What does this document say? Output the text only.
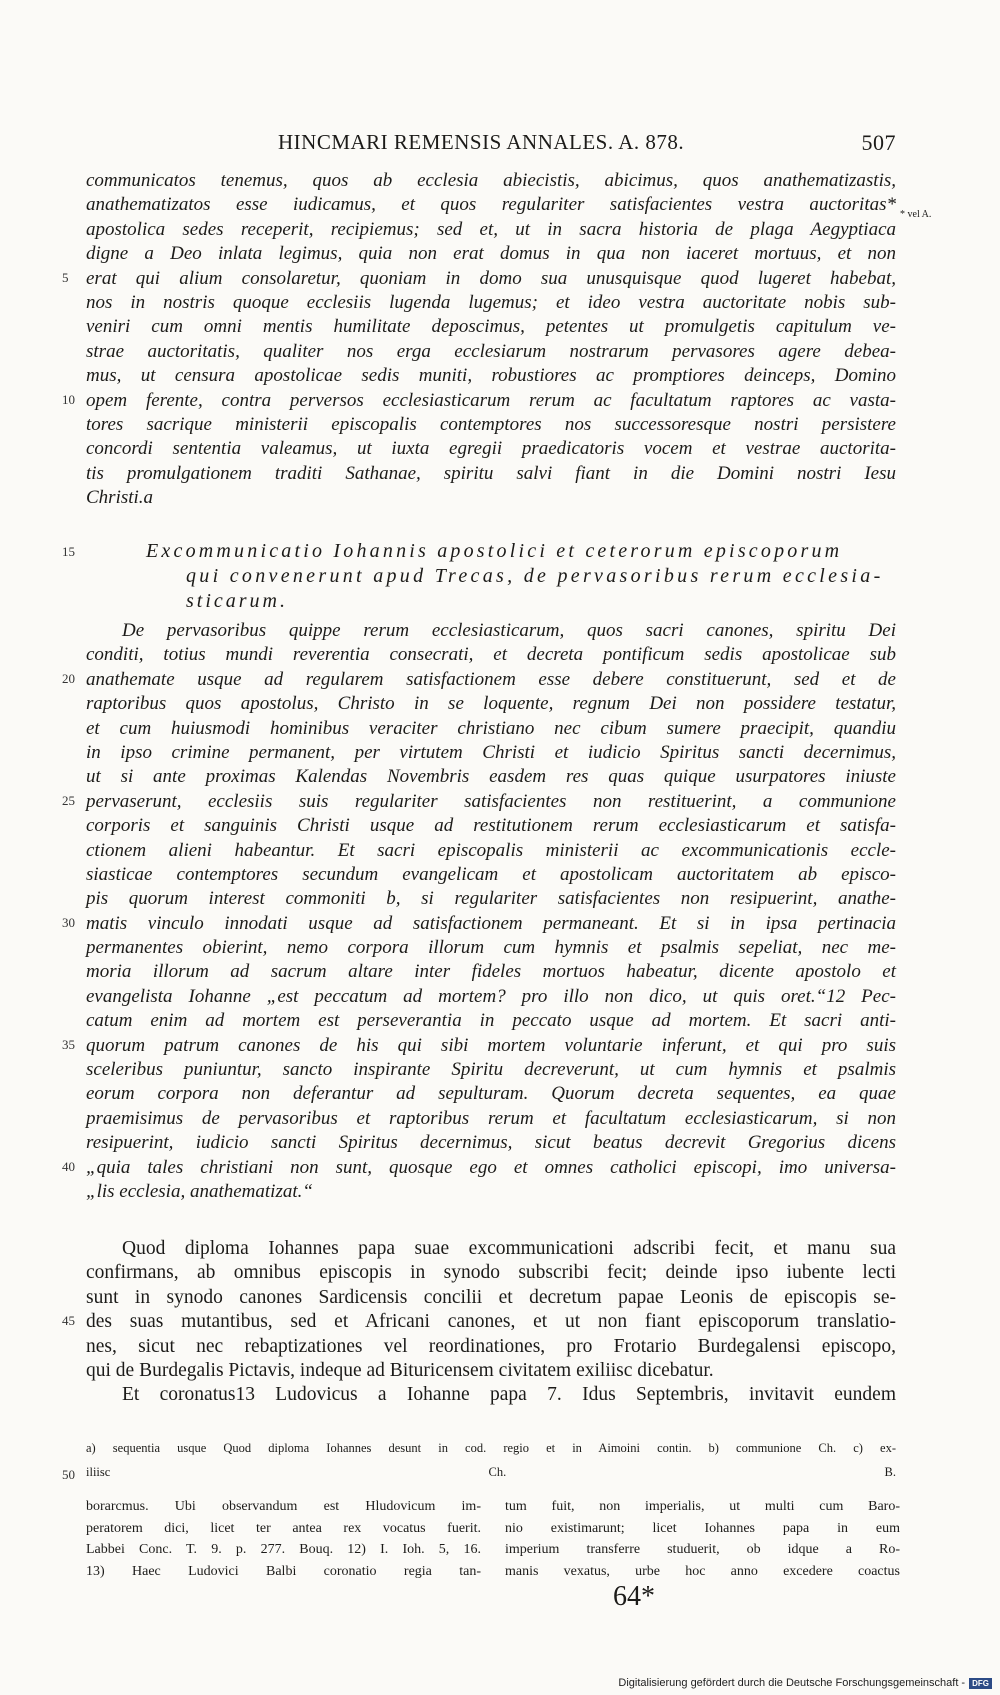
HINCMARI REMENSIS ANNALES. A. 878.	507
* vel A.
communicatos tenemus, quos ab ecclesia abiecistis, abicimus, quos anathematizastis,
anathematizatos esse iudicamus, et quos regulariter satisfacientes vestra auctoritas*
apostolica sedes receperit, recipiemus; sed et, ut in sacra historia de plaga Aegyptiaca
digne a Deo inlata legimus, quia non erat domus in qua non iaceret mortuus, et non
5 erat qui alium consolaretur, quoniam in domo sua unusquisque quod lugeret habebat,
nos in nostris quoque ecclesiis lugenda lugemus; et ideo vestra auctoritate nobis sub-
veniri cum omni mentis humilitate deposcimus, petentes ut promulgetis capitulum ve-
strae auctoritatis, qualiter nos erga ecclesiarum nostrarum pervasores agere debea-
mus, ut censura apostolicae sedis muniti, robustiores ac promptiores deinceps, Domino
10 opem ferente, contra perversos ecclesiasticarum rerum ac facultatum raptores ac vasta-
tores sacrique ministerii episcopalis contemptores nos successoresque nostri persistere
concordi sententia valeamus, ut iuxta egregii praedicatoris vocem et vestrae auctorita-
tis promulgationem traditi Sathanae, spiritu salvi fiant in die Domini nostri Iesu
Christi.a
15	Excommunicatio Iohannis apostolici et ceterorum episcoporum
qui convenerunt apud Trecas, de pervasoribus rerum ecclesia-
sticarum.
De pervasoribus quippe rerum ecclesiasticarum, quos sacri canones, spiritu Dei
conditi, totius mundi reverentia consecrati, et decreta pontificum sedis apostolicae sub
20 anathemate usque ad regularem satisfactionem esse debere constituerunt, sed et de
raptoribus quos apostolus, Christo in se loquente, regnum Dei non possidere testatur,
et cum huiusmodi hominibus veraciter christiano nec cibum sumere praecipit, quandiu
in ipso crimine permanent, per virtutem Christi et iudicio Spiritus sancti decernimus,
ut si ante proximas Kalendas Novembris easdem res quas quique usurpatores iniuste
25 pervaserunt, ecclesiis suis regulariter satisfacientes non restituerint, a communione
corporis et sanguinis Christi usque ad restitutionem rerum ecclesiasticarum et satisfa-
ctionem alieni habeantur. Et sacri episcopalis ministerii ac excommunicationis eccle-
siasticae contemptores secundum evangelicam et apostolicam auctoritatem ab episco-
pis quorum interest commoniti b, si regulariter satisfacientes non resipuerint, anathe-
30 matis vinculo innodati usque ad satisfactionem permaneant. Et si in ipsa pertinacia
permanentes obierint, nemo corpora illorum cum hymnis et psalmis sepeliat, nec me-
moria illorum ad sacrum altare inter fideles mortuos habeatur, dicente apostolo et
evangelista Iohanne „est peccatum ad mortem? pro illo non dico, ut quis oret.“12 Pec-
catum enim ad mortem est perseverantia in peccato usque ad mortem. Et sacri anti-
35 quorum patrum canones de his qui sibi mortem voluntarie inferunt, et qui pro suis
sceleribus puniuntur, sancto inspirante Spiritu decreverunt, ut cum hymnis et psalmis
eorum corpora non deferantur ad sepulturam. Quorum decreta sequentes, ea quae
praemisimus de pervasoribus et raptoribus rerum et facultatum ecclesiasticarum, si non
resipuerint, iudicio sancti Spiritus decernimus, sicut beatus decrevit Gregorius dicens
40 „quia tales christiani non sunt, quosque ego et omnes catholici episcopi, imo universa-
„lis ecclesia, anathematizat.“
Quod diploma Iohannes papa suae excommunicationi adscribi fecit, et manu sua
confirmans, ab omnibus episcopis in synodo subscribi fecit; deinde ipso iubente lecti
sunt in synodo canones Sardicensis concilii et decretum papae Leonis de episcopis se-
45 des suas mutantibus, sed et Africani canones, et ut non fiant episcoporum translatio-
nes, sicut nec rebaptizationes vel reordinationes, pro Frotario Burdegalensi episcopo,
qui de Burdegalis Pictavis, indeque ad Bituricensem civitatem exiliisc dicebatur.
Et coronatus13 Ludovicus a Iohanne papa 7. Idus Septembris, invitavit eundem
a) sequentia usque Quod diploma Iohannes desunt in cod. regio et in Aimoini contin. b) communione Ch. c) ex-
50 iliisc Ch. B.
borarcmus. Ubi observandum est Hludovicum im-
peratorem dici, licet ter antea rex vocatus fuerit.
Labbei Conc. T. 9. p. 277. Bouq. 12) I. Ioh. 5, 16.
13) Haec Ludovici Balbi coronatio regia tan-
tum fuit, non imperialis, ut multi cum Baro-
nio existimarunt; licet Iohannes papa in eum
imperium transferre studuerit, ob idque a Ro-
manis vexatus, urbe hoc anno excedere coactus
64*
Digitalisierung gefördert durch die Deutsche Forschungsgemeinschaft - DFG
